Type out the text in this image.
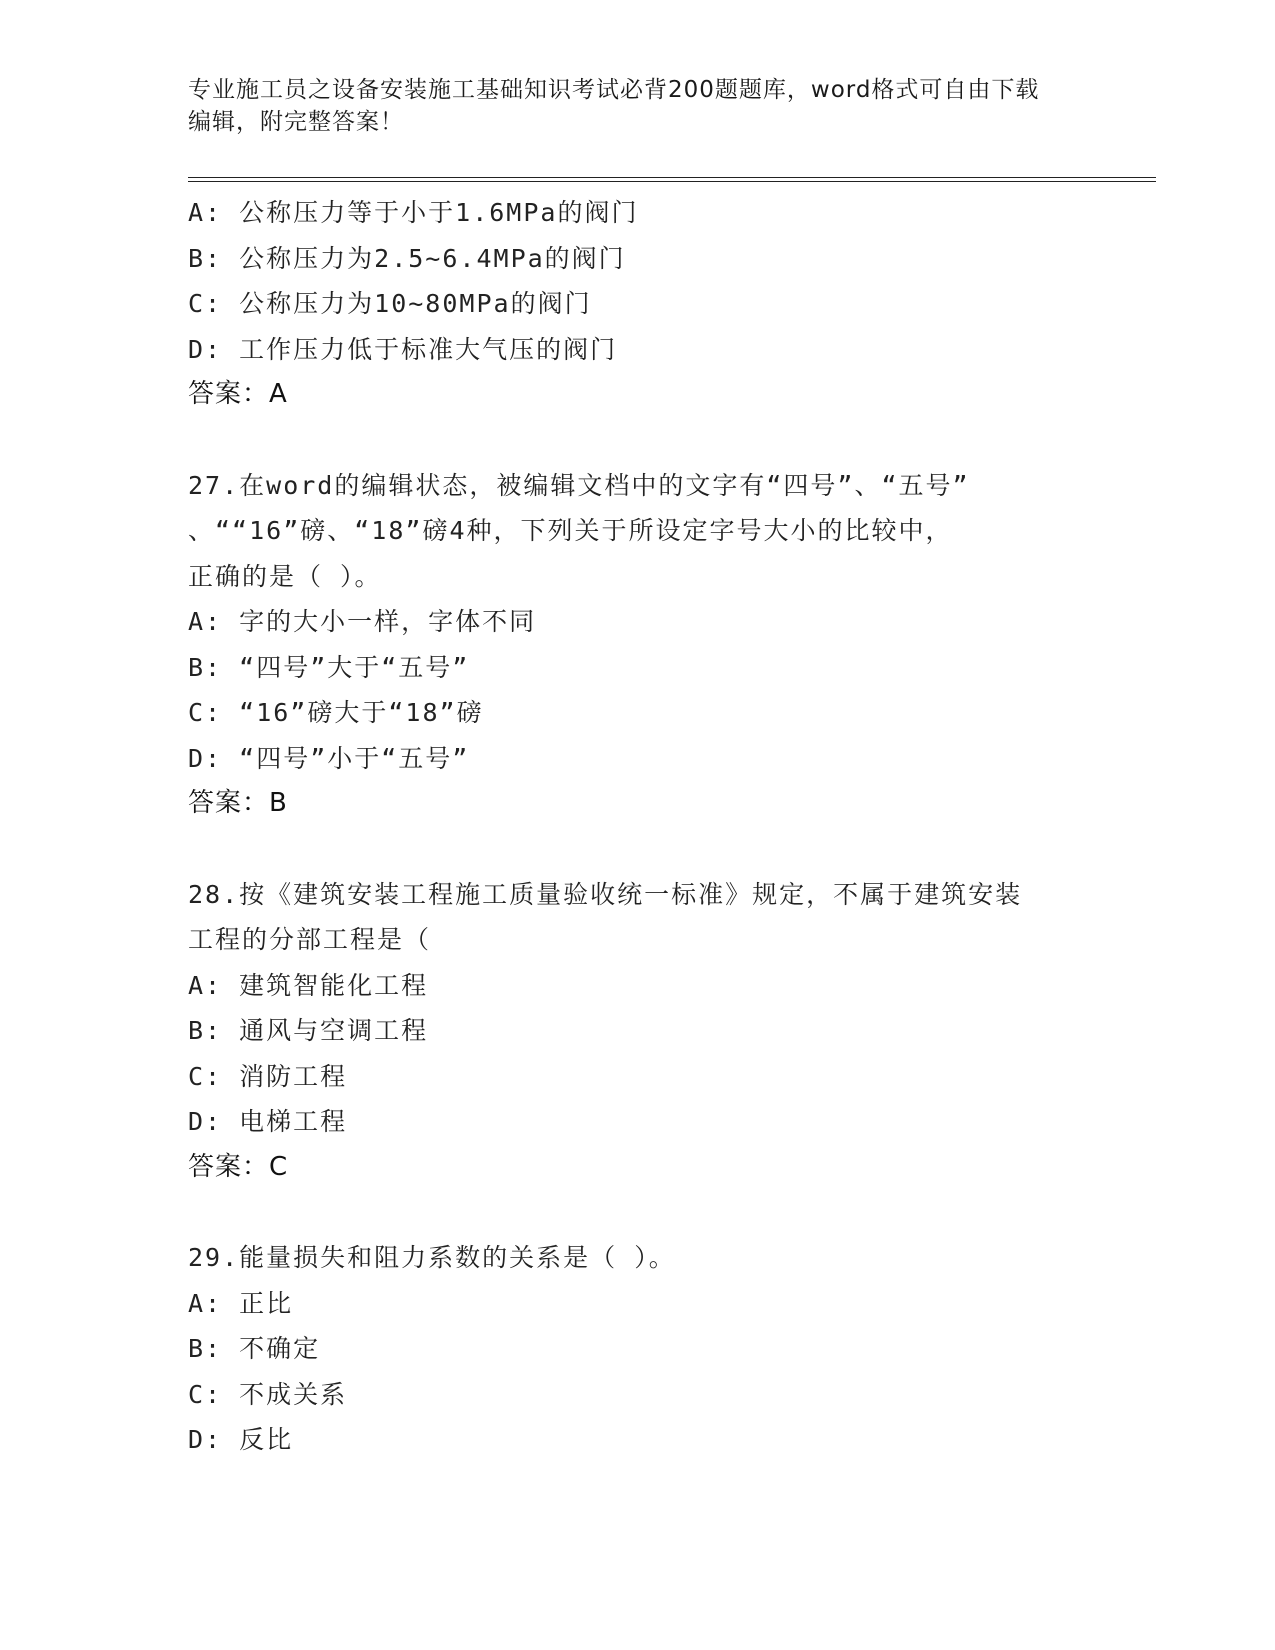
专业施工员之设备安装施工基础知识考试必背200题题库，word格式可自由下载
编辑，附完整答案！
A: 公称压力等于小于1.6MPa的阀门
B: 公称压力为2.5~6.4MPa的阀门
C: 公称压力为10~80MPa的阀门
D: 工作压力低于标准大气压的阀门
答案：A
27.在word的编辑状态，被编辑文档中的文字有“四号”、“五号”
、““16”磅、“18”磅4种，下列关于所设定字号大小的比较中，
正确的是（ ）。
A: 字的大小一样，字体不同
B: “四号”大于“五号”
C: “16”磅大于“18”磅
D: “四号”小于“五号”
答案：B
28.按《建筑安装工程施工质量验收统一标准》规定，不属于建筑安装
工程的分部工程是（
A: 建筑智能化工程
B: 通风与空调工程
C: 消防工程
D: 电梯工程
答案：C
29.能量损失和阻力系数的关系是（ ）。
A: 正比
B: 不确定
C: 不成关系
D: 反比
